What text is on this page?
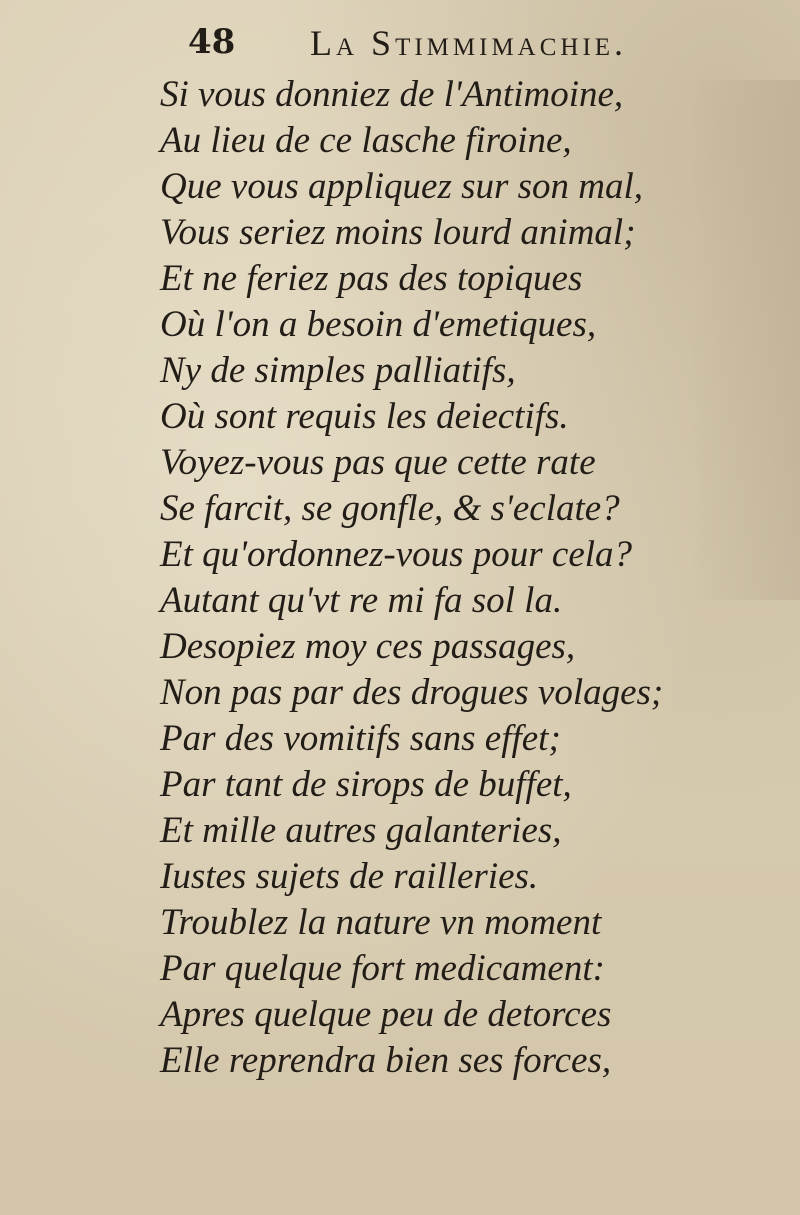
48 La Stimmimachie.
Si vous donniez de l'Antimoine,
Au lieu de ce lasche firoine,
Que vous appliquez sur son mal,
Vous seriez moins lourd animal;
Et ne feriez pas des topiques
Où l'on a besoin d'emetiques,
Ny de simples palliatifs,
Où sont requis les deiectifs.
Voyez-vous pas que cette rate
Se farcit, se gonfle, & s'eclate?
Et qu'ordonnez-vous pour cela?
Autant qu'vt re mi fa sol la.
Desopiez moy ces passages,
Non pas par des drogues volages;
Par des vomitifs sans effet;
Par tant de sirops de buffet,
Et mille autres galanteries,
Iustes sujets de railleries.
Troublez la nature vn moment
Par quelque fort medicament:
Apres quelque peu de detorces
Elle reprendra bien ses forces,
